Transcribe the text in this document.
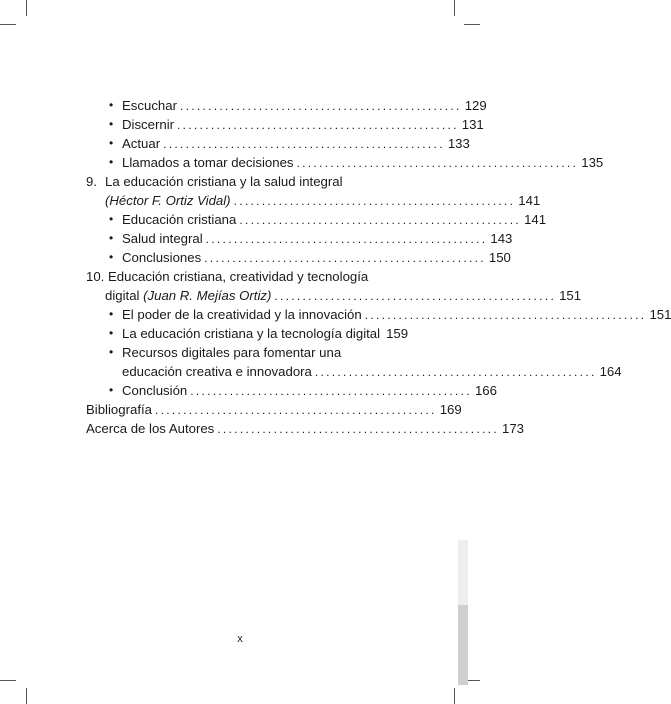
• Escuchar .................................................. 129
• Discernir .................................................. 131
• Actuar .................................................. 133
• Llamados a tomar decisiones .................................................. 135
9. La educación cristiana y la salud integral
(Héctor F. Ortiz Vidal) .................................................. 141
• Educación cristiana .................................................. 141
• Salud integral .................................................. 143
• Conclusiones .................................................. 150
10. Educación cristiana, creatividad y tecnología
digital (Juan R. Mejías Ortiz) .................................................. 151
• El poder de la creatividad y la innovación .................................................. 151
• La educación cristiana y la tecnología digital 159
• Recursos digitales para fomentar una
educación creativa e innovadora .................................................. 164
• Conclusión .................................................. 166
Bibliografía .................................................. 169
Acerca de los Autores .................................................. 173
x
